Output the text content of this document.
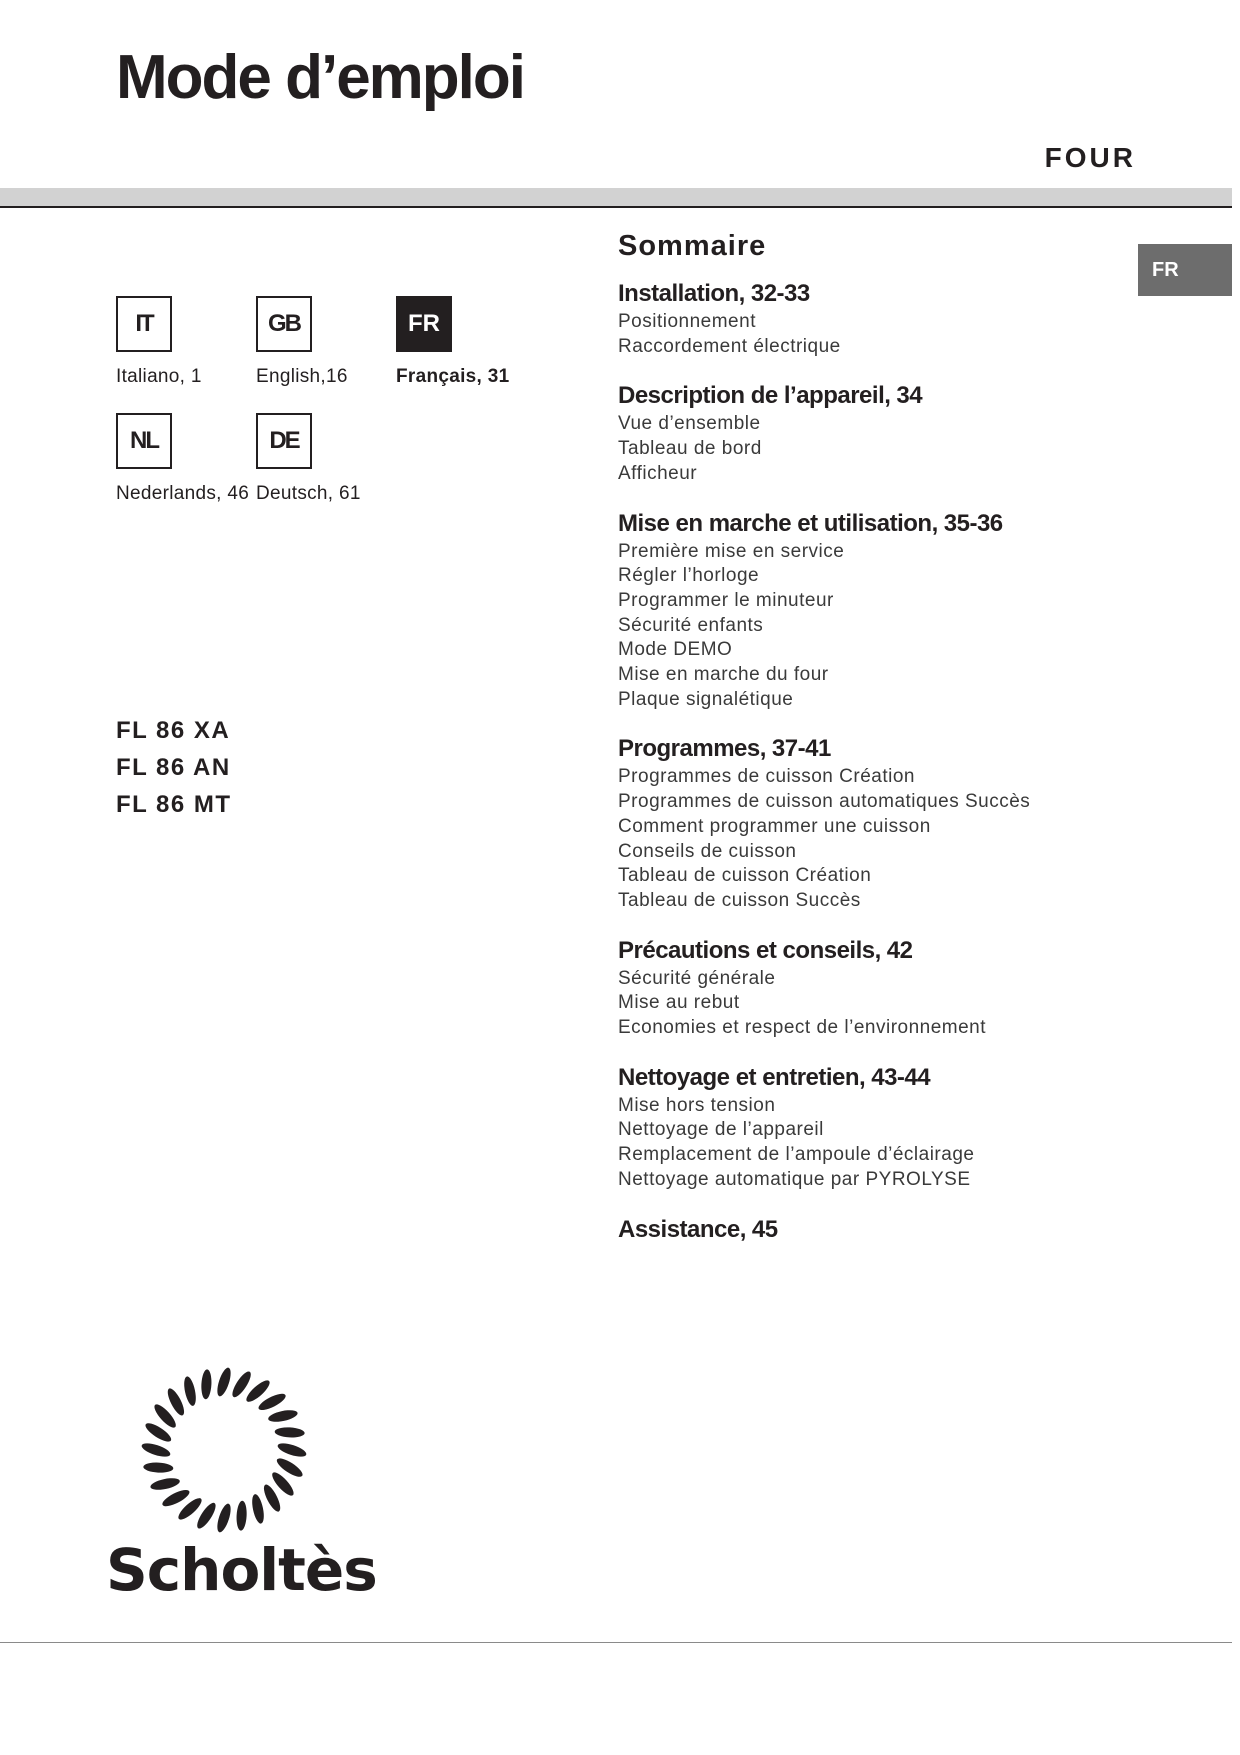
Mode d’emploi
FOUR
FR
IT
Italiano, 1
GB
English,16
FR
Français, 31
NL
Nederlands, 46
DE
Deutsch, 61
FL 86 XA
FL 86 AN
FL 86 MT
Sommaire
Installation, 32-33
Positionnement
Raccordement électrique
Description de l’appareil, 34
Vue d’ensemble
Tableau de bord
Afficheur
Mise en marche et utilisation, 35-36
Première mise en service
Régler l’horloge
Programmer le minuteur
Sécurité enfants
Mode DEMO
Mise en marche du four
Plaque signalétique
Programmes, 37-41
Programmes de cuisson Création
Programmes de cuisson automatiques Succès
Comment programmer une cuisson
Conseils de cuisson
Tableau de cuisson Création
Tableau de cuisson Succès
Précautions et conseils, 42
Sécurité générale
Mise au rebut
Economies et respect de l’environnement
Nettoyage et entretien, 43-44
Mise hors tension
Nettoyage de l’appareil
Remplacement de l’ampoule d’éclairage
Nettoyage automatique par PYROLYSE
Assistance, 45
Scholtès
